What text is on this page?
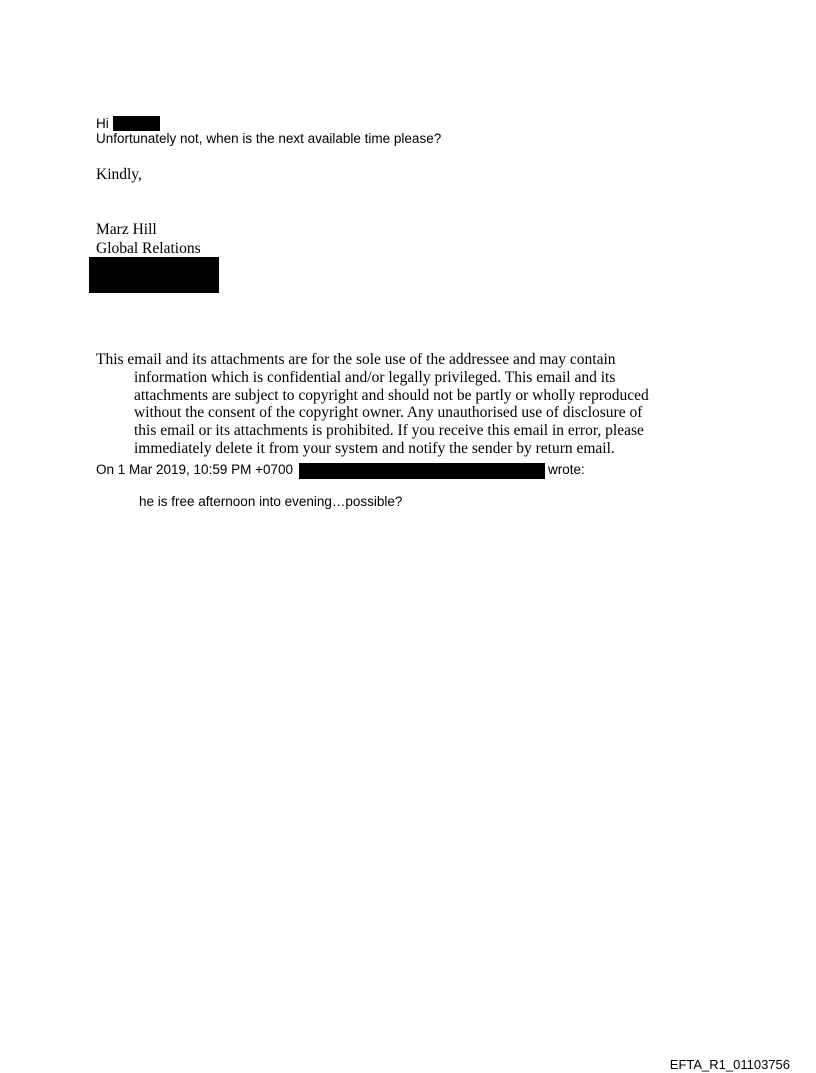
Hi
Unfortunately not, when is the next available time please?
Kindly,
Marz Hill
Global Relations
This email and its attachments are for the sole use of the addressee and may contain
information which is confidential and/or legally privileged. This email and its
attachments are subject to copyright and should not be partly or wholly reproduced
without the consent of the copyright owner. Any unauthorised use of disclosure of
this email or its attachments is prohibited. If you receive this email in error, please
immediately delete it from your system and notify the sender by return email.
On 1 Mar 2019, 10:59 PM +0700	wrote:
he is free afternoon into evening…possible?
EFTA_R1_01103756
